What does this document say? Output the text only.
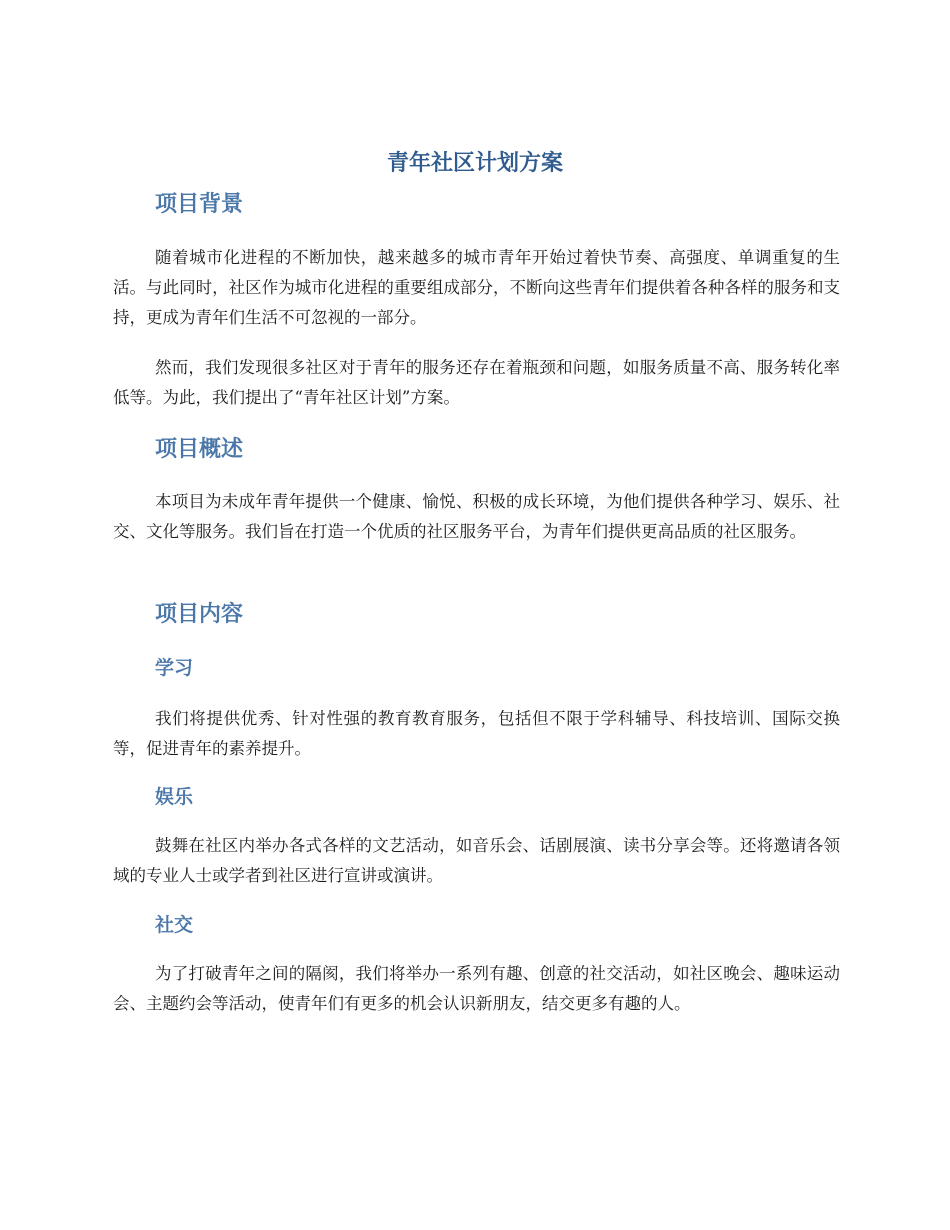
青年社区计划方案
项目背景

随着城市化进程的不断加快，越来越多的城市青年开始过着快节奏、高强度、单调重复的生活。与此同时，社区作为城市化进程的重要组成部分，不断向这些青年们提供着各种各样的服务和支持，更成为青年们生活不可忽视的一部分。

然而，我们发现很多社区对于青年的服务还存在着瓶颈和问题，如服务质量不高、服务转化率低等。为此，我们提出了“青年社区计划”方案。

项目概述

本项目为未成年青年提供一个健康、愉悦、积极的成长环境，为他们提供各种学习、娱乐、社交、文化等服务。我们旨在打造一个优质的社区服务平台，为青年们提供更高品质的社区服务。

项目内容
学习

我们将提供优秀、针对性强的教育教育服务，包括但不限于学科辅导、科技培训、国际交换等，促进青年的素养提升。

娱乐

鼓舞在社区内举办各式各样的文艺活动，如音乐会、话剧展演、读书分享会等。还将邀请各领域的专业人士或学者到社区进行宣讲或演讲。

社交

为了打破青年之间的隔阂，我们将举办一系列有趣、创意的社交活动，如社区晚会、趣味运动会、主题约会等活动，使青年们有更多的机会认识新朋友，结交更多有趣的人。
